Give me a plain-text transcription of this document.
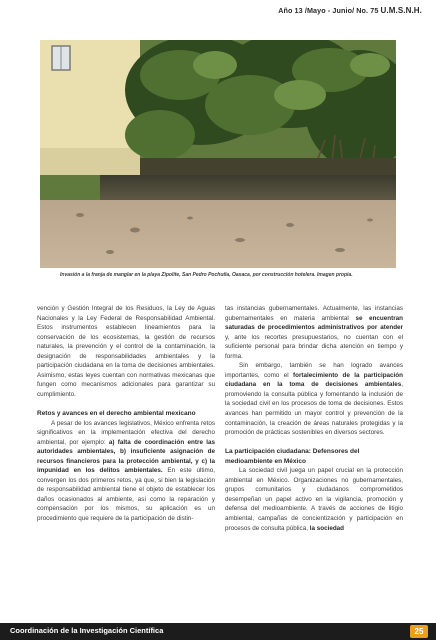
Año 13 /Mayo - Junio/ No. 75 U.M.S.N.H.
Invasión a la franja de manglar en la playa Zipolite, San Pedro Pochutla, Oaxaca, por construcción hotelera. Imagen propia.

vención y Gestión Integral de los Residuos, la Ley de Aguas Nacionales y la Ley Federal de Responsabilidad Ambiental. Estos instrumentos establecen lineamientos para la conservación de los ecosistemas, la gestión de recursos naturales, la prevención y el control de la contaminación, la designación de responsabilidades ambientales y la participación ciudadana en la toma de decisiones ambientales. Asimismo, estas leyes cuentan con normativas mexicanas que fungen como mecanismos adicionales para garantizar su cumplimiento.

Retos y avances en el derecho ambiental mexicano

A pesar de los avances legislativos, México enfrenta retos significativos en la implementación efectiva del derecho ambiental, por ejemplo: a) falta de coordinación entre las autoridades ambientales, b) insuficiente asignación de recursos financieros para la protección ambiental, y c) la impunidad en los delitos ambientales. En este último, convergen los dos primeros retos, ya que, si bien la legislación de responsabilidad ambiental tiene el objeto de establecer los daños ocasionados al ambiente, así como la reparación y compensación por los mismos, su aplicación es un procedimiento que requiere de la participación de distin-

tas instancias gubernamentales. Actualmente, las instancias gubernamentales en materia ambiental se encuentran saturadas de procedimientos administrativos por atender y, ante los recortes presupuestarios, no cuentan con el suficiente personal para brindar dicha atención en tiempo y forma.

Sin embargo, también se han logrado avances importantes, como el fortalecimiento de la participación ciudadana en la toma de decisiones ambientales, promoviendo la consulta pública y fomentando la inclusión de la sociedad civil en los procesos de toma de decisiones. Estos avances han permitido un mayor control y prevención de la contaminación, la creación de áreas naturales protegidas y la promoción de prácticas sostenibles en diversos sectores.

La participación ciudadana: Defensores del medioambiente en México

La sociedad civil juega un papel crucial en la protección ambiental en México. Organizaciones no gubernamentales, grupos comunitarios y ciudadanos comprometidos desempeñan un papel activo en la vigilancia, promoción y defensa del medioambiente. A través de acciones de litigio ambiental, campañas de concientización y participación en procesos de consulta pública, la sociedad

Coordinación de la Investigación Científica	25
